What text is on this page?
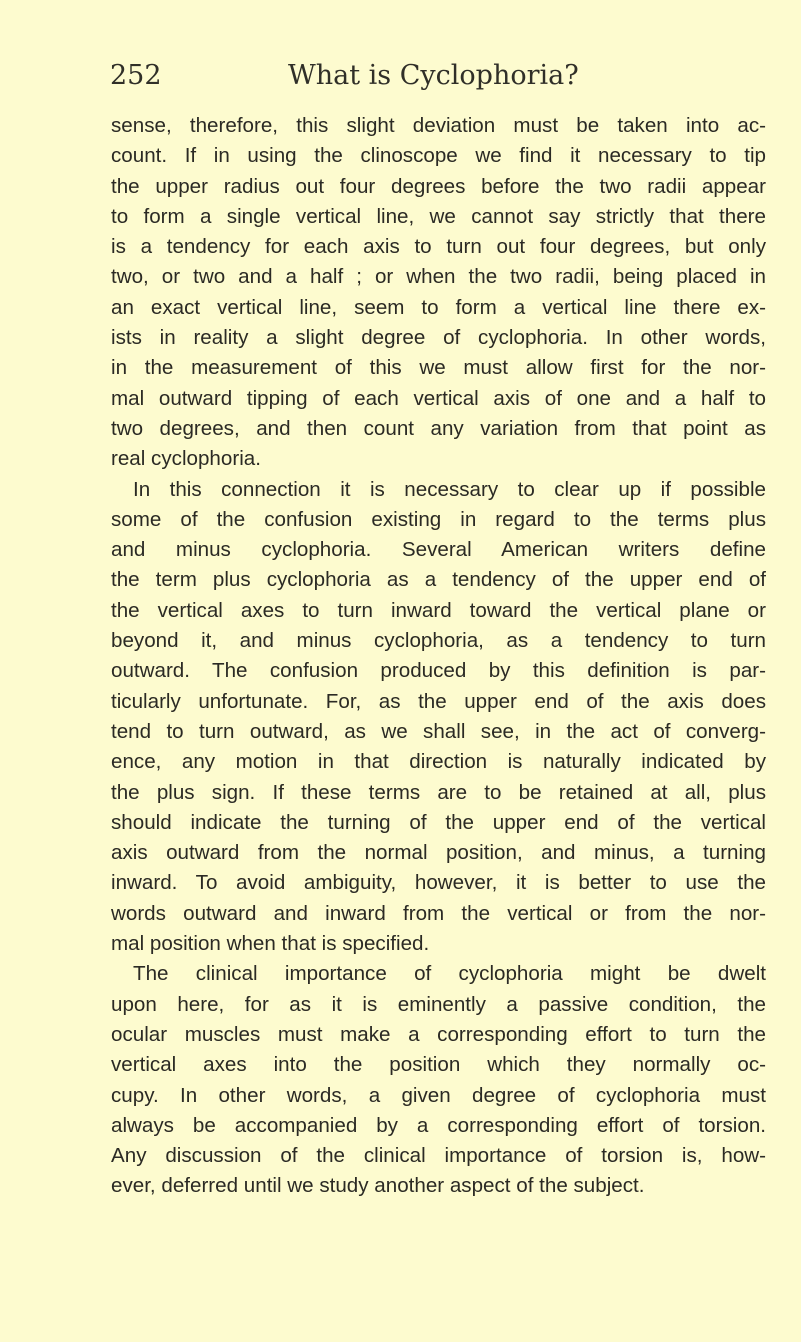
252	What is Cyclophoria?
sense, therefore, this slight deviation must be taken into ac-
count. If in using the clinoscope we find it necessary to tip
the upper radius out four degrees before the two radii appear
to form a single vertical line, we cannot say strictly that there
is a tendency for each axis to turn out four degrees, but only
two, or two and a half ; or when the two radii, being placed in
an exact vertical line, seem to form a vertical line there ex-
ists in reality a slight degree of cyclophoria. In other words,
in the measurement of this we must allow first for the nor-
mal outward tipping of each vertical axis of one and a half to
two degrees, and then count any variation from that point as
real cyclophoria.
In this connection it is necessary to clear up if possible
some of the confusion existing in regard to the terms plus
and minus cyclophoria. Several American writers define
the term plus cyclophoria as a tendency of the upper end of
the vertical axes to turn inward toward the vertical plane or
beyond it, and minus cyclophoria, as a tendency to turn
outward. The confusion produced by this definition is par-
ticularly unfortunate. For, as the upper end of the axis does
tend to turn outward, as we shall see, in the act of converg-
ence, any motion in that direction is naturally indicated by
the plus sign. If these terms are to be retained at all, plus
should indicate the turning of the upper end of the vertical
axis outward from the normal position, and minus, a turning
inward. To avoid ambiguity, however, it is better to use the
words outward and inward from the vertical or from the nor-
mal position when that is specified.
The clinical importance of cyclophoria might be dwelt
upon here, for as it is eminently a passive condition, the
ocular muscles must make a corresponding effort to turn the
vertical axes into the position which they normally oc-
cupy. In other words, a given degree of cyclophoria must
always be accompanied by a corresponding effort of torsion.
Any discussion of the clinical importance of torsion is, how-
ever, deferred until we study another aspect of the subject.
